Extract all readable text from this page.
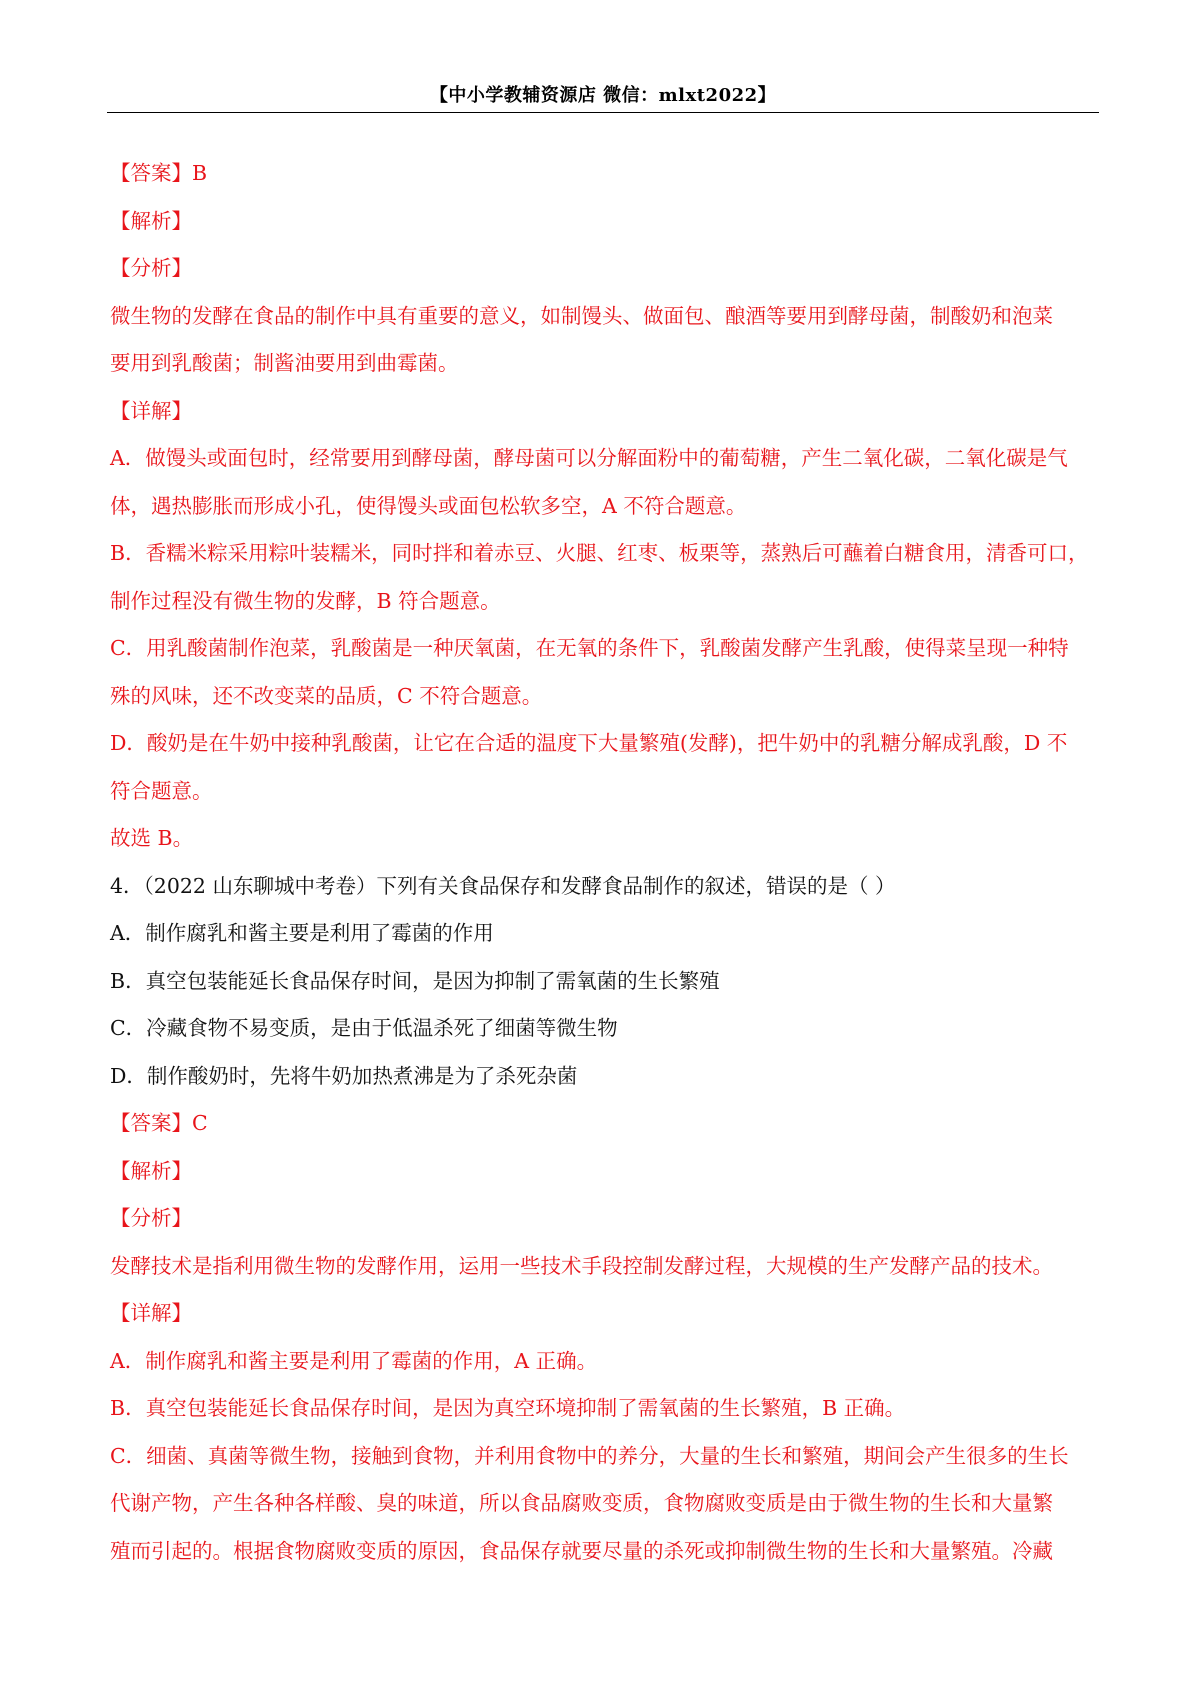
【中小学教辅资源店 微信：mlxt2022】
【答案】B
【解析】
【分析】
微生物的发酵在食品的制作中具有重要的意义，如制馒头、做面包、酿酒等要用到酵母菌，制酸奶和泡菜
要用到乳酸菌；制酱油要用到曲霉菌。
【详解】
A．做馒头或面包时，经常要用到酵母菌，酵母菌可以分解面粉中的葡萄糖，产生二氧化碳，二氧化碳是气
体，遇热膨胀而形成小孔，使得馒头或面包松软多空，A 不符合题意。
B．香糯米粽采用粽叶装糯米，同时拌和着赤豆、火腿、红枣、板栗等，蒸熟后可蘸着白糖食用，清香可口，
制作过程没有微生物的发酵，B 符合题意。
C．用乳酸菌制作泡菜，乳酸菌是一种厌氧菌，在无氧的条件下，乳酸菌发酵产生乳酸，使得菜呈现一种特
殊的风味，还不改变菜的品质，C 不符合题意。
D．酸奶是在牛奶中接种乳酸菌，让它在合适的温度下大量繁殖(发酵)，把牛奶中的乳糖分解成乳酸，D 不
符合题意。
故选 B。
4．（2022 山东聊城中考卷）下列有关食品保存和发酵食品制作的叙述，错误的是（ ）
A．制作腐乳和酱主要是利用了霉菌的作用
B．真空包装能延长食品保存时间，是因为抑制了需氧菌的生长繁殖
C．冷藏食物不易变质，是由于低温杀死了细菌等微生物
D．制作酸奶时，先将牛奶加热煮沸是为了杀死杂菌
【答案】C
【解析】
【分析】
发酵技术是指利用微生物的发酵作用，运用一些技术手段控制发酵过程，大规模的生产发酵产品的技术。
【详解】
A．制作腐乳和酱主要是利用了霉菌的作用，A 正确。
B．真空包装能延长食品保存时间，是因为真空环境抑制了需氧菌的生长繁殖，B 正确。
C．细菌、真菌等微生物，接触到食物，并利用食物中的养分，大量的生长和繁殖，期间会产生很多的生长
代谢产物，产生各种各样酸、臭的味道，所以食品腐败变质，食物腐败变质是由于微生物的生长和大量繁
殖而引起的。根据食物腐败变质的原因，食品保存就要尽量的杀死或抑制微生物的生长和大量繁殖。冷藏
